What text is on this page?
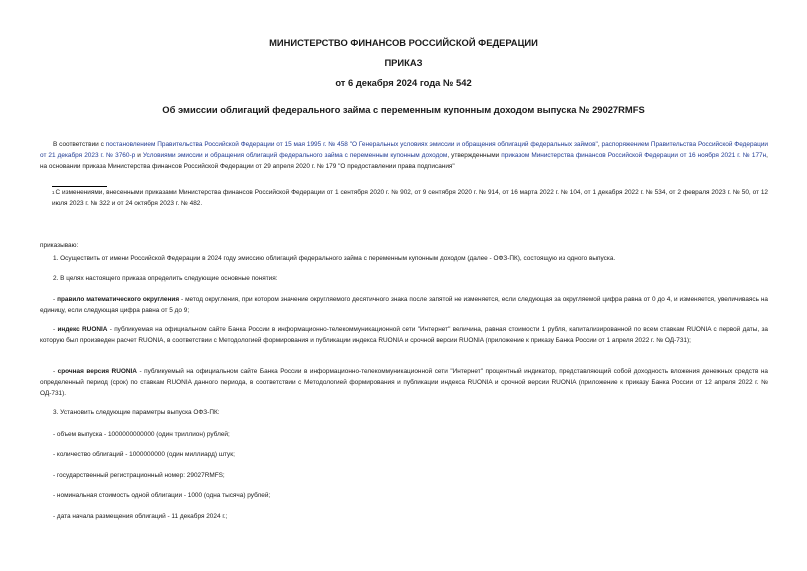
МИНИСТЕРСТВО ФИНАНСОВ РОССИЙСКОЙ ФЕДЕРАЦИИ
ПРИКАЗ
от 6 декабря 2024 года № 542
Об эмиссии облигаций федерального займа с переменным купонным доходом выпуска № 29027RMFS
В соответствии с постановлением Правительства Российской Федерации от 15 мая 1995 г. № 458 "О Генеральных условиях эмиссии и обращения облигаций федеральных займов", распоряжением Правительства Российской Федерации от 21 декабря 2023 г. № 3760-р и Условиями эмиссии и обращения облигаций федерального займа с переменным купонным доходом, утвержденными приказом Министерства финансов Российской Федерации от 16 ноября 2021 г. № 177н, на основании приказа Министерства финансов Российской Федерации от 29 апреля 2020 г. № 179 "О предоставлении права подписания"
$^1$С изменениями, внесенными приказами Министерства финансов Российской Федерации от 1 сентября 2020 г. № 902, от 9 сентября 2020 г. № 914, от 16 марта 2022 г. № 104, от 1 декабря 2022 г. № 534, от 2 февраля 2023 г. № 50, от 12 июля 2023 г. № 322 и от 24 октября 2023 г. № 482.
приказываю:
1. Осуществить от имени Российской Федерации в 2024 году эмиссию облигаций федерального займа с переменным купонным доходом (далее - ОФЗ-ПК), состоящую из одного выпуска.
2. В целях настоящего приказа определить следующие основные понятия:
- правило математического округления - метод округления, при котором значение округляемого десятичного знака после запятой не изменяется, если следующая за округляемой цифра равна от 0 до 4, и изменяется, увеличиваясь на единицу, если следующая цифра равна от 5 до 9;
- индекс RUONIA - публикуемая на официальном сайте Банка России в информационно-телекоммуникационной сети "Интернет" величина, равная стоимости 1 рубля, капитализированной по всем ставкам RUONIA с первой даты, за которую был произведен расчет RUONIA, в соответствии с Методологией формирования и публикации индекса RUONIA и срочной версии RUONIA (приложение к приказу Банка России от 1 апреля 2022 г. № ОД-731);
- срочная версия RUONIA - публикуемый на официальном сайте Банка России в информационно-телекоммуникационной сети "Интернет" процентный индикатор, представляющий собой доходность вложения денежных средств на определенный период (срок) по ставкам RUONIA данного периода, в соответствии с Методологией формирования и публикации индекса RUONIA и срочной версии RUONIA (приложение к приказу Банка России от 12 апреля 2022 г. № ОД-731).
3. Установить следующие параметры выпуска ОФЗ-ПК:
- объем выпуска - 1000000000000 (один триллион) рублей;
- количество облигаций - 1000000000 (один миллиард) штук;
- государственный регистрационный номер: 29027RMFS;
- номинальная стоимость одной облигации - 1000 (одна тысяча) рублей;
- дата начала размещения облигаций - 11 декабря 2024 г.;
